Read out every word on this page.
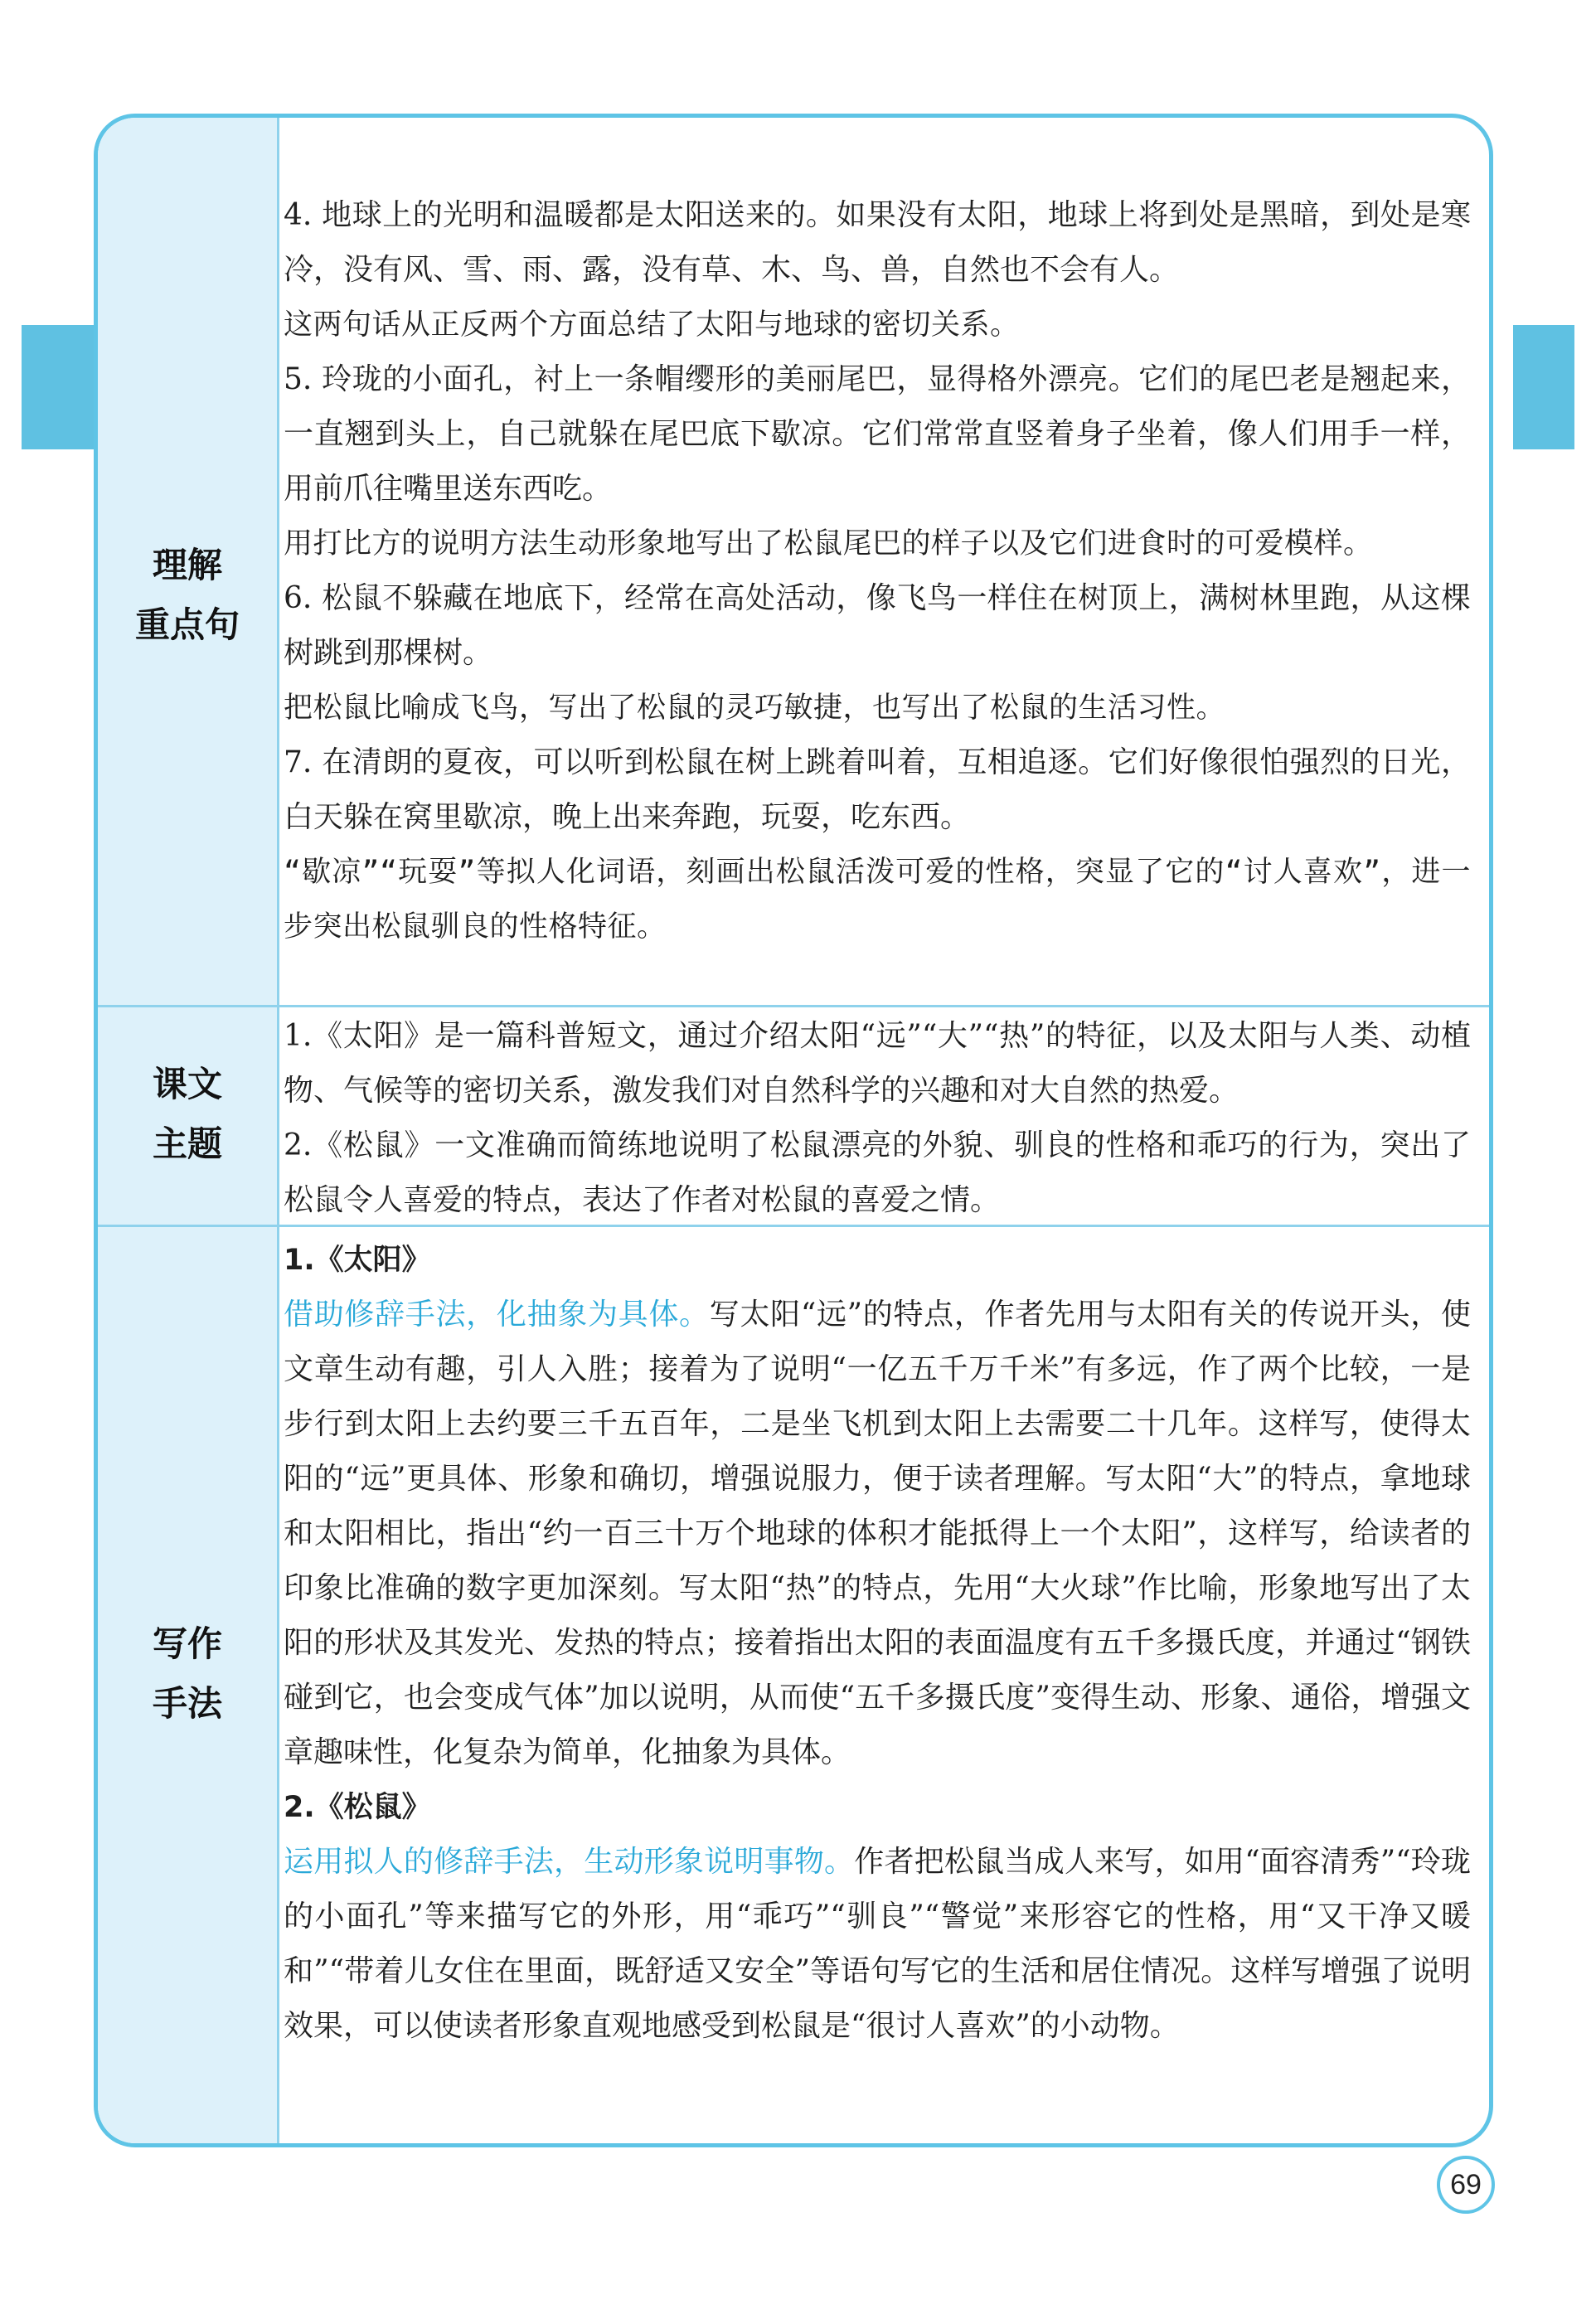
理解
重点句

4. 地球上的光明和温暖都是太阳送来的。如果没有太阳，地球上将到处是黑暗，到处是寒冷，没有风、雪、雨、露，没有草、木、鸟、兽，自然也不会有人。

这两句话从正反两个方面总结了太阳与地球的密切关系。

5. 玲珑的小面孔，衬上一条帽缨形的美丽尾巴，显得格外漂亮。它们的尾巴老是翘起来，一直翘到头上，自己就躲在尾巴底下歇凉。它们常常直竖着身子坐着，像人们用手一样，用前爪往嘴里送东西吃。

用打比方的说明方法生动形象地写出了松鼠尾巴的样子以及它们进食时的可爱模样。

6. 松鼠不躲藏在地底下，经常在高处活动，像飞鸟一样住在树顶上，满树林里跑，从这棵树跳到那棵树。

把松鼠比喻成飞鸟，写出了松鼠的灵巧敏捷，也写出了松鼠的生活习性。

7. 在清朗的夏夜，可以听到松鼠在树上跳着叫着，互相追逐。它们好像很怕强烈的日光，白天躲在窝里歇凉，晚上出来奔跑，玩耍，吃东西。

“歇凉”“玩耍”等拟人化词语，刻画出松鼠活泼可爱的性格，突显了它的“讨人喜欢”，进一步突出松鼠驯良的性格特征。

课文
主题

1.《太阳》是一篇科普短文，通过介绍太阳“远”“大”“热”的特征，以及太阳与人类、动植物、气候等的密切关系，激发我们对自然科学的兴趣和对大自然的热爱。

2.《松鼠》一文准确而简练地说明了松鼠漂亮的外貌、驯良的性格和乖巧的行为，突出了松鼠令人喜爱的特点，表达了作者对松鼠的喜爱之情。

写作
手法

1.《太阳》

借助修辞手法，化抽象为具体。写太阳“远”的特点，作者先用与太阳有关的传说开头，使文章生动有趣，引人入胜；接着为了说明“一亿五千万千米”有多远，作了两个比较，一是步行到太阳上去约要三千五百年，二是坐飞机到太阳上去需要二十几年。这样写，使得太阳的“远”更具体、形象和确切，增强说服力，便于读者理解。写太阳“大”的特点，拿地球和太阳相比，指出“约一百三十万个地球的体积才能抵得上一个太阳”，这样写，给读者的印象比准确的数字更加深刻。写太阳“热”的特点，先用“大火球”作比喻，形象地写出了太阳的形状及其发光、发热的特点；接着指出太阳的表面温度有五千多摄氏度，并通过“钢铁碰到它，也会变成气体”加以说明，从而使“五千多摄氏度”变得生动、形象、通俗，增强文章趣味性，化复杂为简单，化抽象为具体。

2.《松鼠》

运用拟人的修辞手法，生动形象说明事物。作者把松鼠当成人来写，如用“面容清秀”“玲珑的小面孔”等来描写它的外形，用“乖巧”“驯良”“警觉”来形容它的性格，用“又干净又暖和”“带着儿女住在里面，既舒适又安全”等语句写它的生活和居住情况。这样写增强了说明效果，可以使读者形象直观地感受到松鼠是“很讨人喜欢”的小动物。

69
